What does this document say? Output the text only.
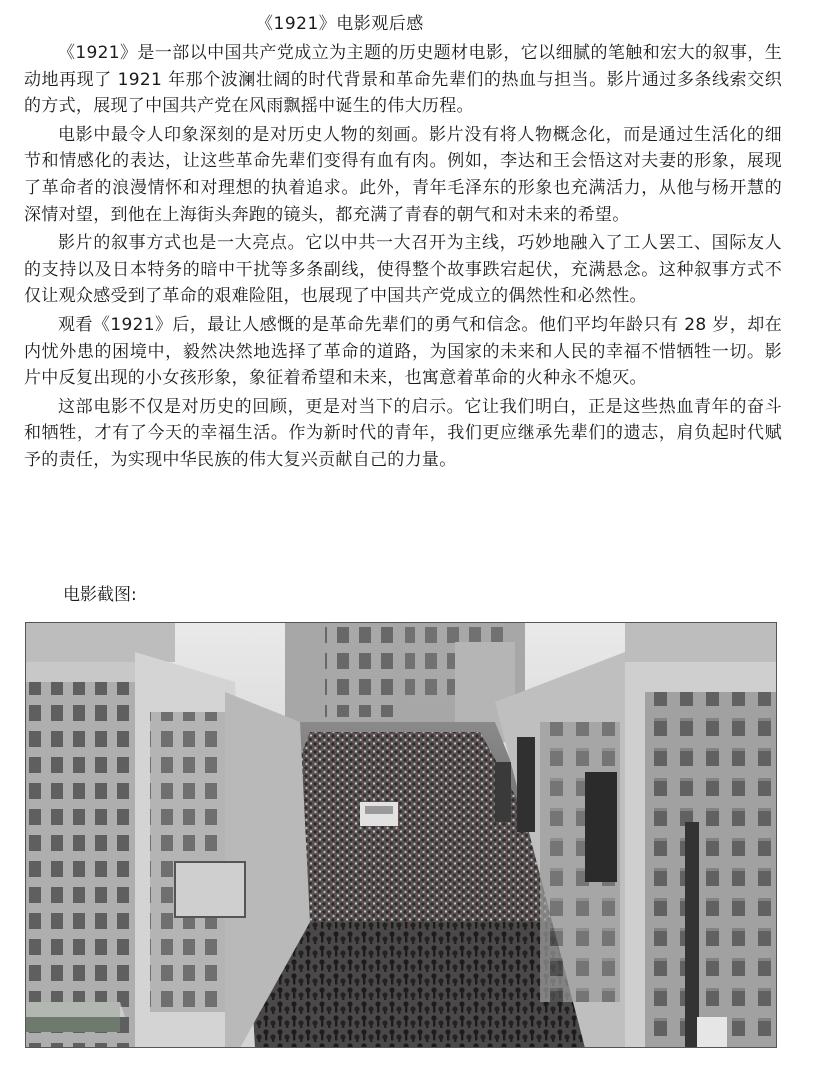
《1921》电影观后感

《1921》是一部以中国共产党成立为主题的历史题材电影，它以细腻的笔触和宏大的叙事，生动地再现了 1921 年那个波澜壮阔的时代背景和革命先辈们的热血与担当。影片通过多条线索交织的方式，展现了中国共产党在风雨飘摇中诞生的伟大历程。

电影中最令人印象深刻的是对历史人物的刻画。影片没有将人物概念化，而是通过生活化的细节和情感化的表达，让这些革命先辈们变得有血有肉。例如，李达和王会悟这对夫妻的形象，展现了革命者的浪漫情怀和对理想的执着追求。此外，青年毛泽东的形象也充满活力，从他与杨开慧的深情对望，到他在上海街头奔跑的镜头，都充满了青春的朝气和对未来的希望。

影片的叙事方式也是一大亮点。它以中共一大召开为主线，巧妙地融入了工人罢工、国际友人的支持以及日本特务的暗中干扰等多条副线，使得整个故事跌宕起伏，充满悬念。这种叙事方式不仅让观众感受到了革命的艰难险阻，也展现了中国共产党成立的偶然性和必然性。

观看《1921》后，最让人感慨的是革命先辈们的勇气和信念。他们平均年龄只有 28 岁，却在内忧外患的困境中，毅然决然地选择了革命的道路，为国家的未来和人民的幸福不惜牺牲一切。影片中反复出现的小女孩形象，象征着希望和未来，也寓意着革命的火种永不熄灭。

这部电影不仅是对历史的回顾，更是对当下的启示。它让我们明白，正是这些热血青年的奋斗和牺牲，才有了今天的幸福生活。作为新时代的青年，我们更应继承先辈们的遗志，肩负起时代赋予的责任，为实现中华民族的伟大复兴贡献自己的力量。

电影截图:
